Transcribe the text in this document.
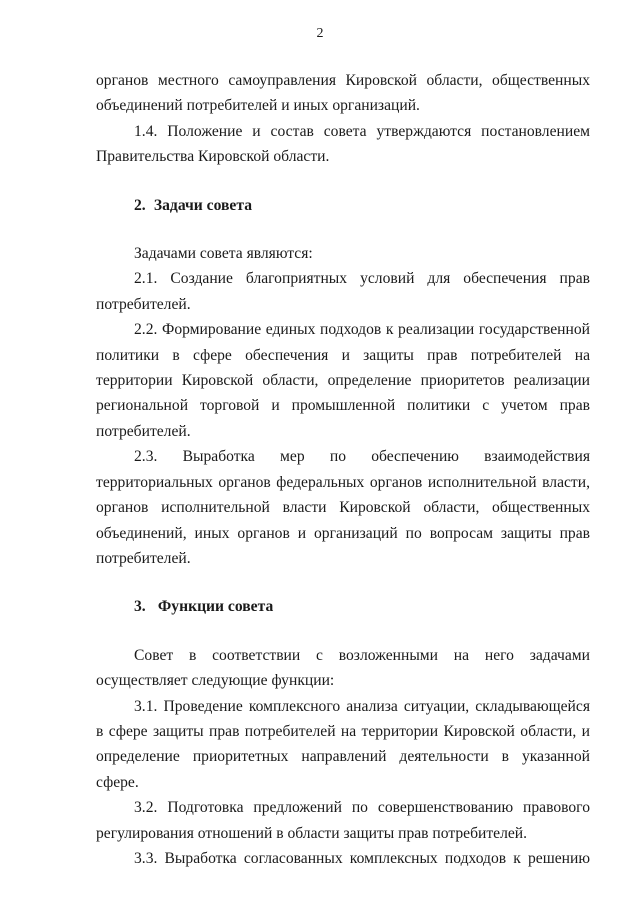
2

органов местного самоуправления Кировской области, общественных объединений потребителей и иных организаций.

1.4. Положение и состав совета утверждаются постановлением Правительства Кировской области.

2. Задачи совета

Задачами совета являются:

2.1. Создание благоприятных условий для обеспечения прав потребителей.

2.2. Формирование единых подходов к реализации государственной политики в сфере обеспечения и защиты прав потребителей на территории Кировской области, определение приоритетов реализации региональной торговой и промышленной политики с учетом прав потребителей.

2.3. Выработка мер по обеспечению взаимодействия территориальных органов федеральных органов исполнительной власти, органов исполнительной власти Кировской области, общественных объединений, иных органов и организаций по вопросам защиты прав потребителей.

3. Функции совета

Совет в соответствии с возложенными на него задачами осуществляет следующие функции:

3.1. Проведение комплексного анализа ситуации, складывающейся в сфере защиты прав потребителей на территории Кировской области, и определение приоритетных направлений деятельности в указанной сфере.

3.2. Подготовка предложений по совершенствованию правового регулирования отношений в области защиты прав потребителей.

3.3. Выработка согласованных комплексных подходов к решению
